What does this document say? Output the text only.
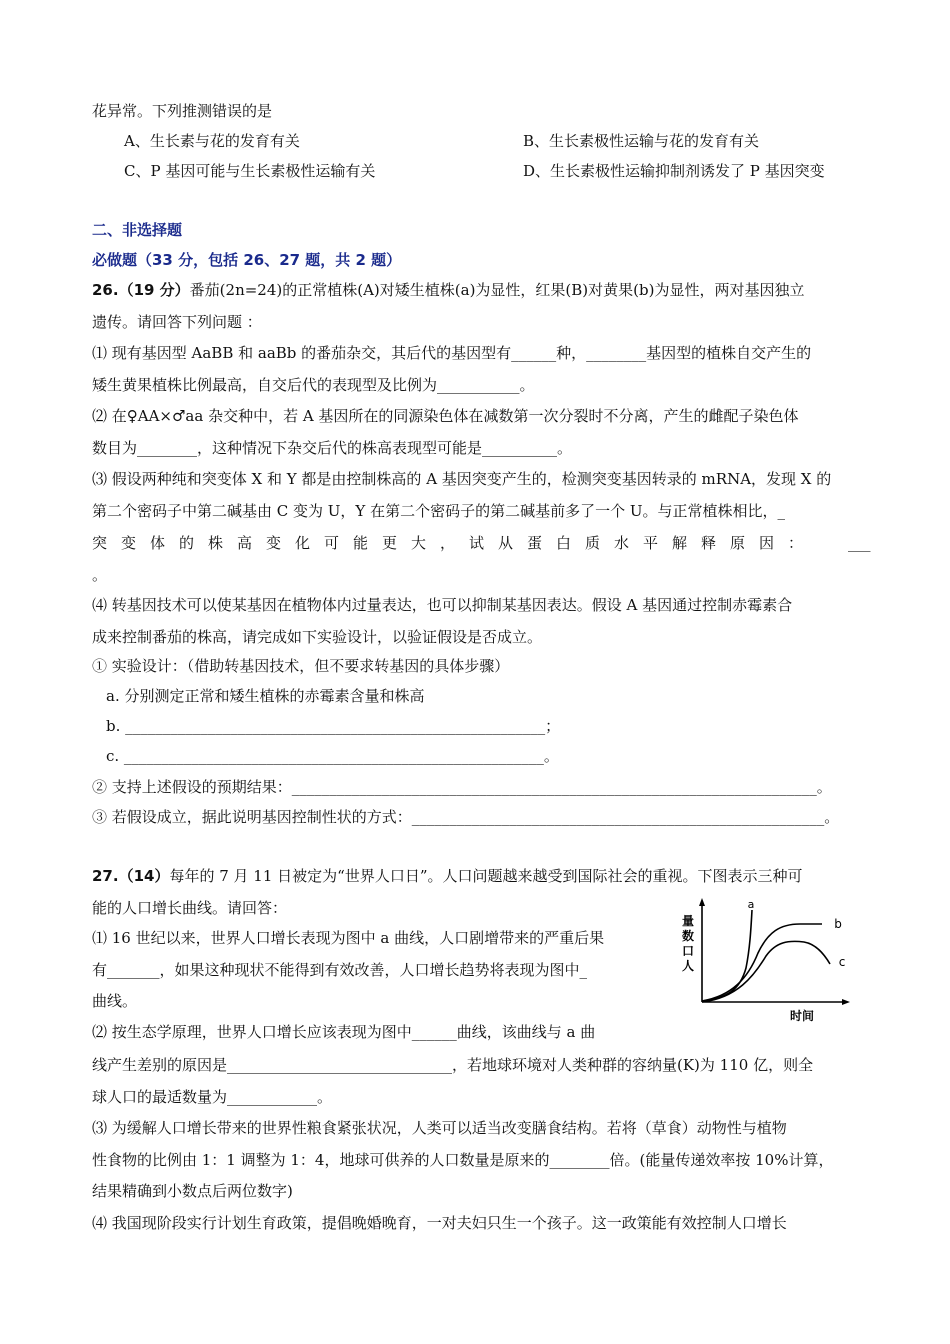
花异常。下列推测错误的是
A、生长素与花的发育有关	B、生长素极性运输与花的发育有关
C、P 基因可能与生长素极性运输有关	D、生长素极性运输抑制剂诱发了 P 基因突变
二、非选择题
必做题（33 分，包括 26、27 题，共 2 题）
26.（19 分）番茄(2n=24)的正常植株(A)对矮生植株(a)为显性，红果(B)对黄果(b)为显性，两对基因独立
遗传。请回答下列问题 ：
⑴ 现有基因型 AaBB 和 aaBb 的番茄杂交，其后代的基因型有______种，________基因型的植株自交产生的
矮生黄果植株比例最高，自交后代的表现型及比例为___________。
⑵ 在♀AA×♂aa 杂交种中，若 A 基因所在的同源染色体在减数第一次分裂时不分离，产生的雌配子染色体
数目为________，这种情况下杂交后代的株高表现型可能是__________。
⑶ 假设两种纯和突变体 X 和 Y 都是由控制株高的 A 基因突变产生的，检测突变基因转录的 mRNA，发现 X 的
第二个密码子中第二碱基由 C 变为 U，Y 在第二个密码子的第二碱基前多了一个 U。与正常植株相比，_
突变体的株高变化可能更大，试从蛋白质水平解释原因： ___
。
⑷ 转基因技术可以使某基因在植物体内过量表达，也可以抑制某基因表达。假设 A 基因通过控制赤霉素合
成来控制番茄的株高，请完成如下实验设计，以验证假设是否成立。
① 实验设计：（借助转基因技术，但不要求转基因的具体步骤）
a. 分别测定正常和矮生植株的赤霉素含量和株高
b. ________________________________________________________；
c. ________________________________________________________。
② 支持上述假设的预期结果：______________________________________________________________________。
③ 若假设成立，据此说明基因控制性状的方式：_______________________________________________________。
27.（14）每年的 7 月 11 日被定为“世界人口日”。人口问题越来越受到国际社会的重视。下图表示三种可
能的人口增长曲线。请回答：
⑴ 16 世纪以来，世界人口增长表现为图中 a 曲线，人口剧增带来的严重后果
有_______，如果这种现状不能得到有效改善，人口增长趋势将表现为图中_
曲线。
⑵ 按生态学原理，世界人口增长应该表现为图中______曲线，该曲线与 a 曲
线产生差别的原因是______________________________，若地球环境对人类种群的容纳量(K)为 110 亿，则全
球人口的最适数量为____________。
⑶ 为缓解人口增长带来的世界性粮食紧张状况，人类可以适当改变膳食结构。若将（草食）动物性与植物
性食物的比例由 1：1 调整为 1：4，地球可供养的人口数量是原来的________倍。(能量传递效率按 10%计算，
结果精确到小数点后两位数字)
⑷ 我国现阶段实行计划生育政策，提倡晚婚晚育，一对夫妇只生一个孩子。这一政策能有效控制人口增长
量
数
口
人
时间
a
b
c
